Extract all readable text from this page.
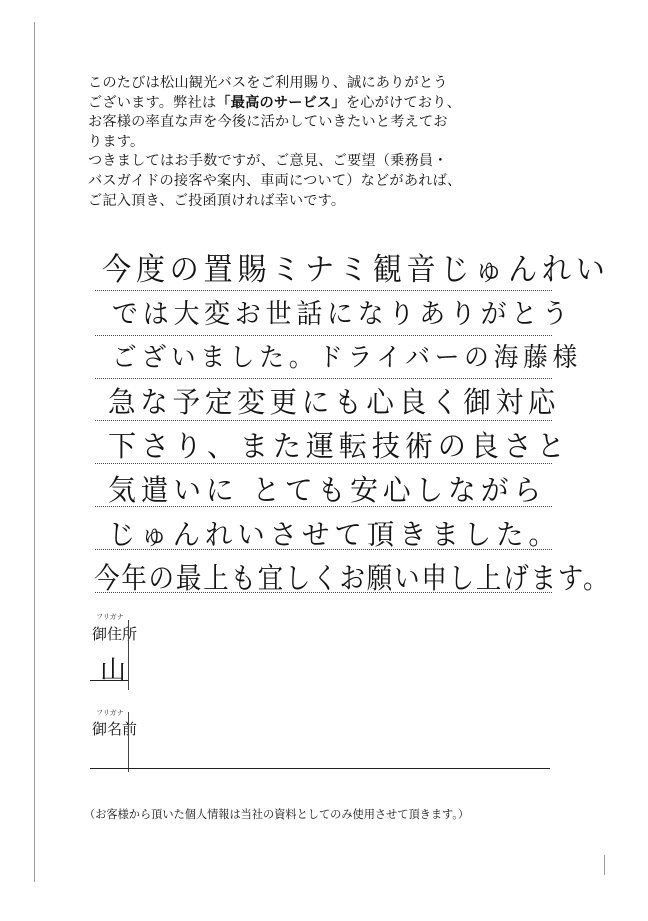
このたびは松山観光バスをご利用賜り、誠にありがとう

ございます。弊社は「最高のサービス」を心がけており、

お客様の率直な声を今後に活かしていきたいと考えてお

ります。

つきましてはお手数ですが、ご意見、ご要望（乗務員・

バスガイドの接客や案内、車両について）などがあれば、

ご記入頂き、ご投函頂ければ幸いです。

今度の置賜ミナミ観音じゅんれい
では大変お世話になりありがとう
ございました。ドライバーの海藤様
急な予定変更にも心良く御対応
下さり、また運転技術の良さと
気遣いに とても安心しながら
じゅんれいさせて頂きました。
今年の最上も宜しくお願い申し上げます。
フリガナ
御住所
山
フリガナ
御名前
（お客様から頂いた個人情報は当社の資料としてのみ使用させて頂きます。）
